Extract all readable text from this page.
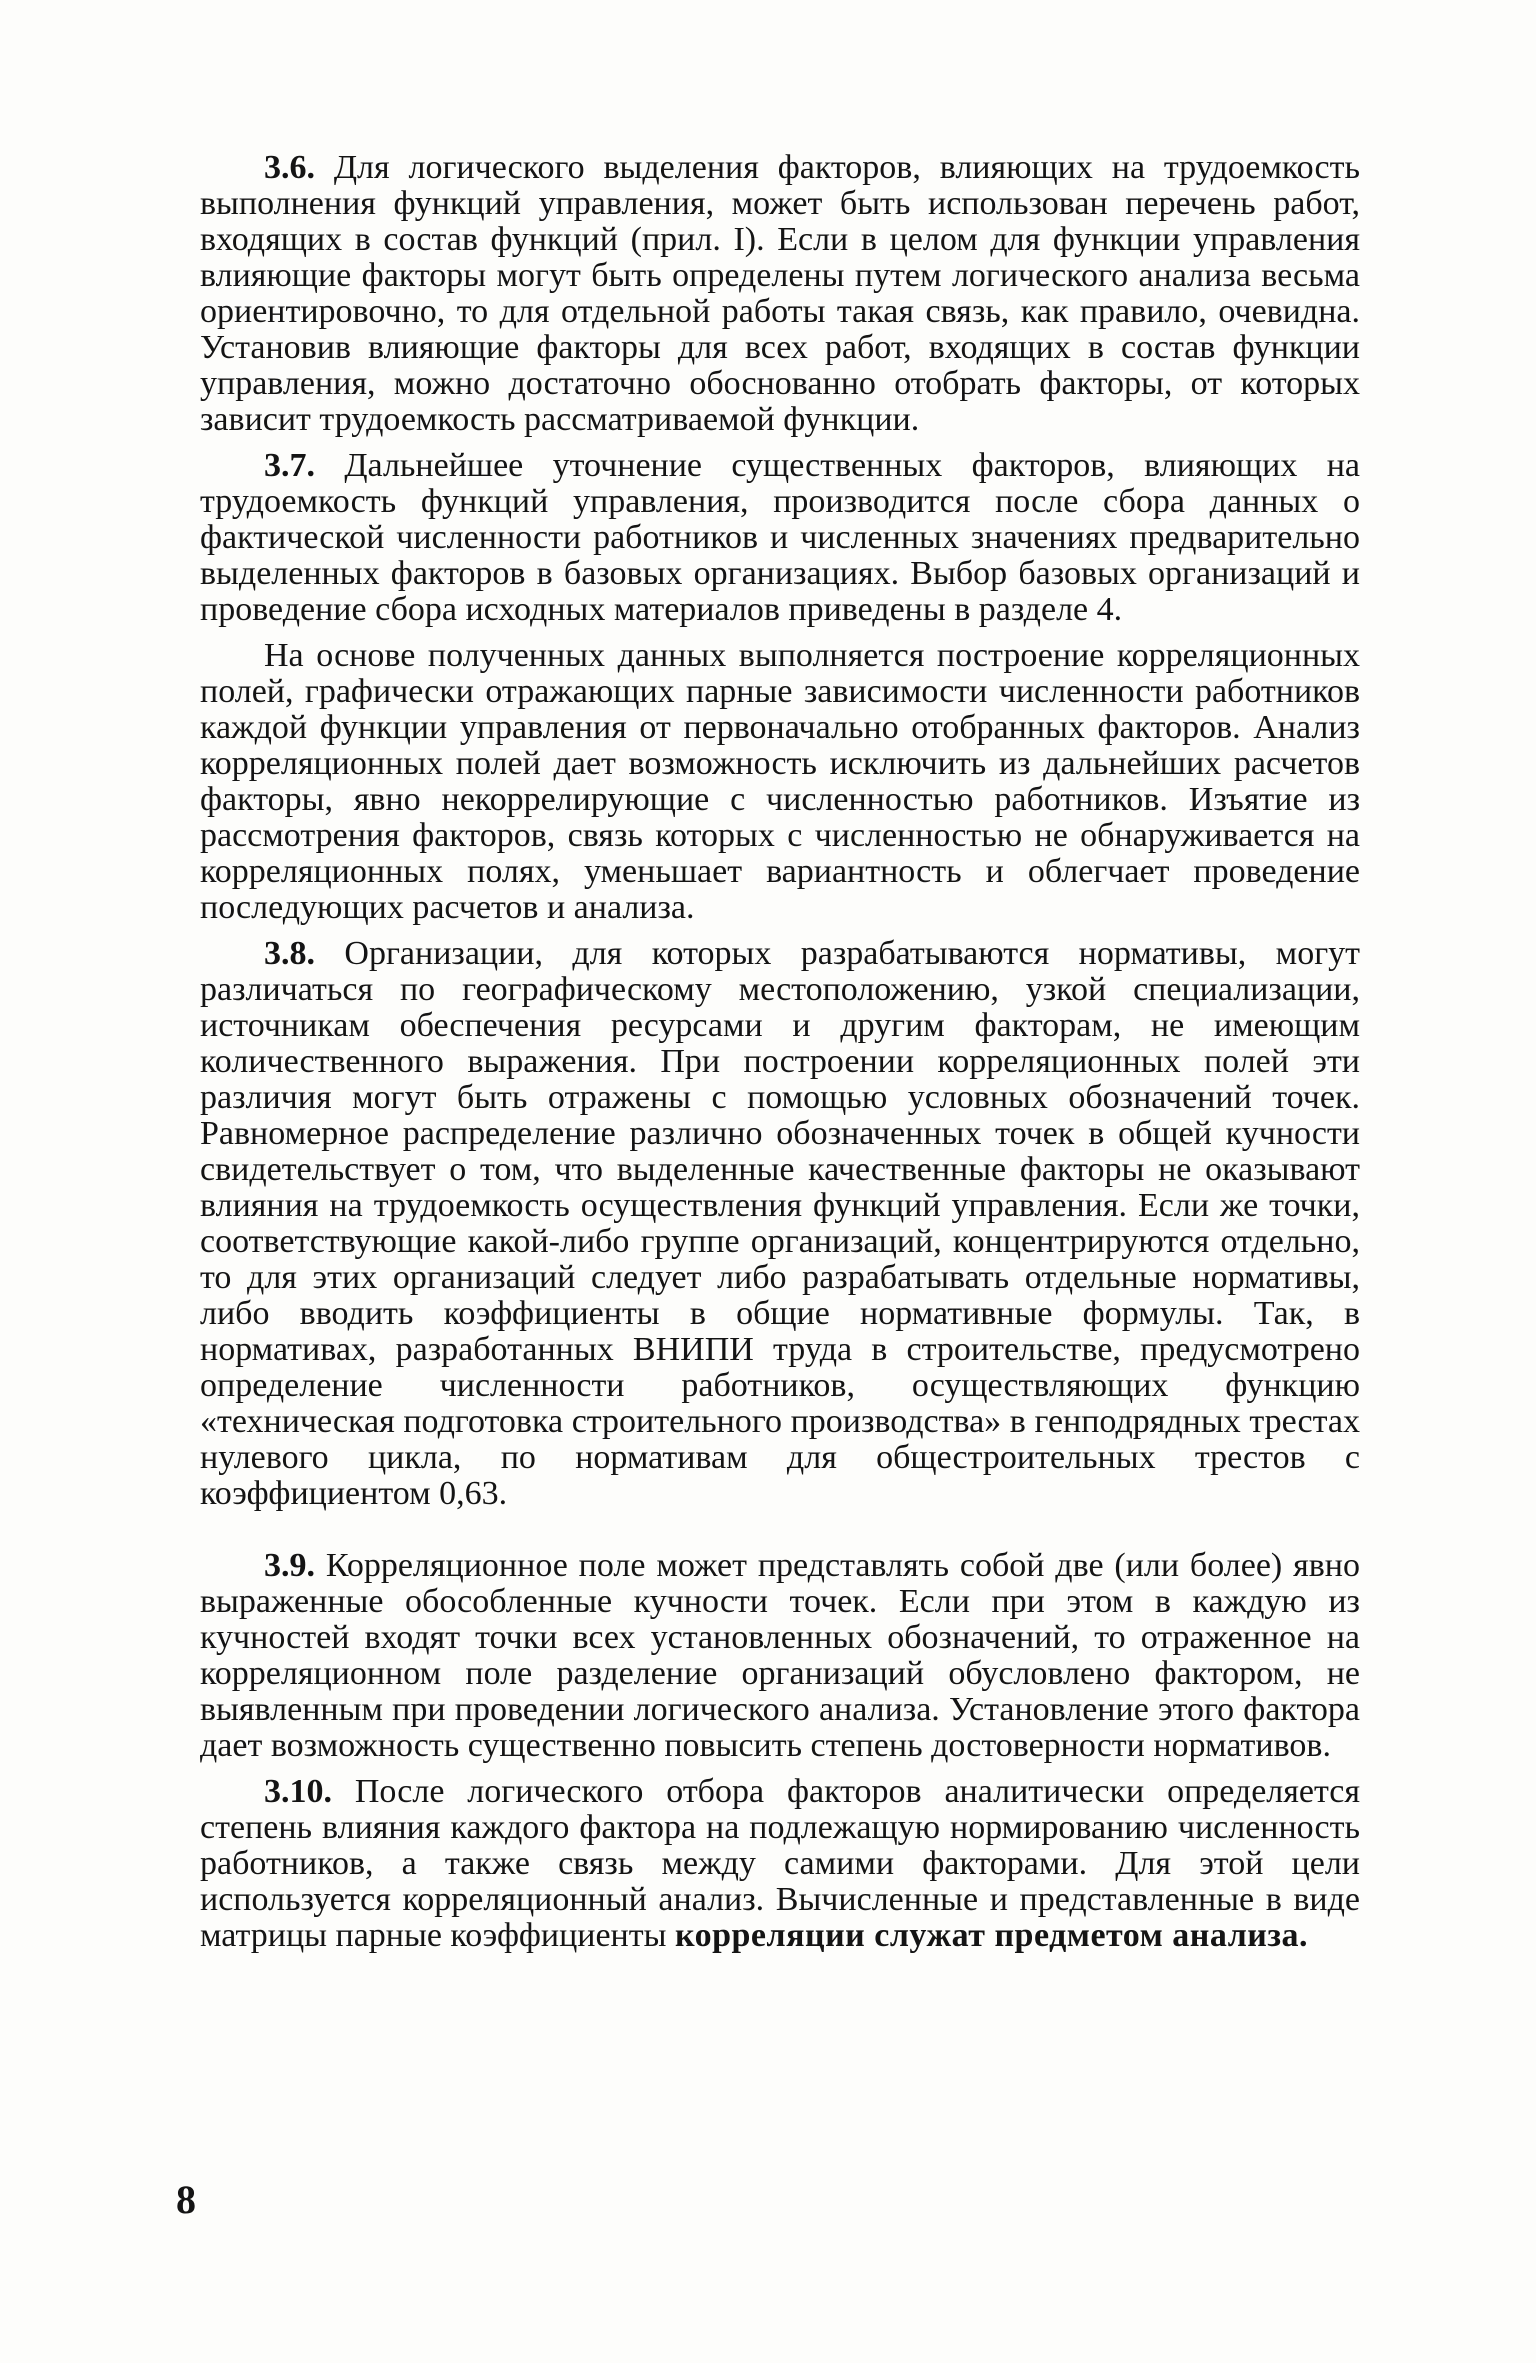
3.6. Для логического выделения факторов, влияющих на трудоемкость выполнения функций управления, может быть использован перечень работ, входящих в состав функций (прил. I). Если в целом для функции управления влияющие факторы могут быть определены путем логического анализа весьма ориентировочно, то для отдельной работы такая связь, как правило, очевидна. Установив влияющие факторы для всех работ, входящих в состав функции управления, можно достаточно обоснованно отобрать факторы, от которых зависит трудоемкость рассматриваемой функции.

3.7. Дальнейшее уточнение существенных факторов, влияющих на трудоемкость функций управления, производится после сбора данных о фактической численности работников и численных значениях предварительно выделенных факторов в базовых организациях. Выбор базовых организаций и проведение сбора исходных материалов приведены в разделе 4.

На основе полученных данных выполняется построение корреляционных полей, графически отражающих парные зависимости численности работников каждой функции управления от первоначально отобранных факторов. Анализ корреляционных полей дает возможность исключить из дальнейших расчетов факторы, явно некоррелирующие с численностью работников. Изъятие из рассмотрения факторов, связь которых с численностью не обнаруживается на корреляционных полях, уменьшает вариантность и облегчает проведение последующих расчетов и анализа.

3.8. Организации, для которых разрабатываются нормативы, могут различаться по географическому местоположению, узкой специализации, источникам обеспечения ресурсами и другим факторам, не имеющим количественного выражения. При построении корреляционных полей эти различия могут быть отражены с помощью условных обозначений точек. Равномерное распределение различно обозначенных точек в общей кучности свидетельствует о том, что выделенные качественные факторы не оказывают влияния на трудоемкость осуществления функций управления. Если же точки, соответствующие какой-либо группе организаций, концентрируются отдельно, то для этих организаций следует либо разрабатывать отдельные нормативы, либо вводить коэффициенты в общие нормативные формулы. Так, в нормативах, разработанных ВНИПИ труда в строительстве, предусмотрено определение численности работников, осуществляющих функцию «техническая подготовка строительного производства» в генподрядных трестах нулевого цикла, по нормативам для общестроительных трестов с коэффициентом 0,63.

3.9. Корреляционное поле может представлять собой две (или более) явно выраженные обособленные кучности точек. Если при этом в каждую из кучностей входят точки всех установленных обозначений, то отраженное на корреляционном поле разделение организаций обусловлено фактором, не выявленным при проведении логического анализа. Установление этого фактора дает возможность существенно повысить степень достоверности нормативов.

3.10. После логического отбора факторов аналитически определяется степень влияния каждого фактора на подлежащую нормированию численность работников, а также связь между самими факторами. Для этой цели используется корреляционный анализ. Вычисленные и представленные в виде матрицы парные коэффициенты корреляции служат предметом анализа.

8
